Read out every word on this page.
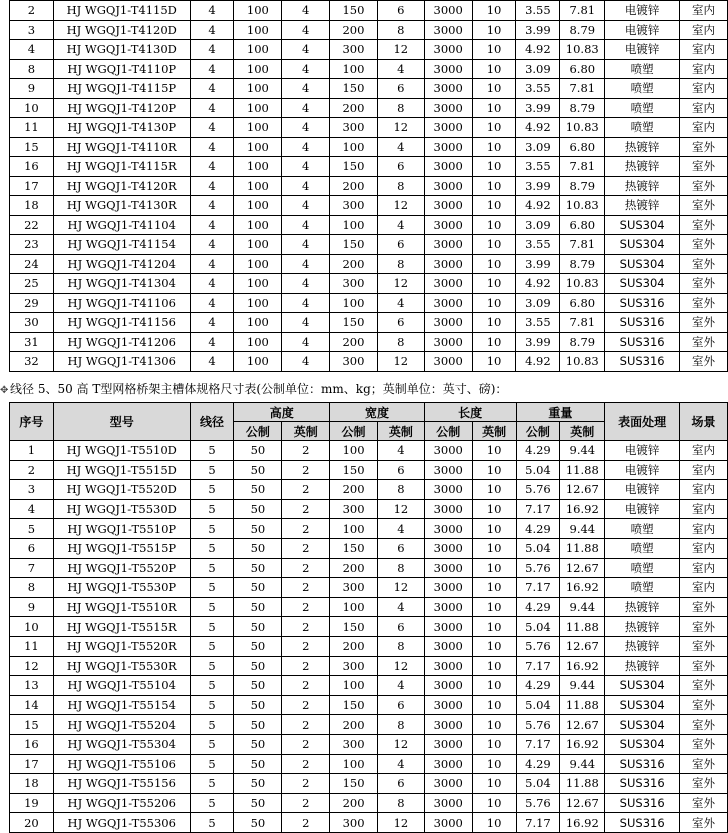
2	HJ WGQJ1-T4115D	4	100	4	150	6	3000	10	3.55	7.81	电镀锌	室内
3	HJ WGQJ1-T4120D	4	100	4	200	8	3000	10	3.99	8.79	电镀锌	室内
4	HJ WGQJ1-T4130D	4	100	4	300	12	3000	10	4.92	10.83	电镀锌	室内
8	HJ WGQJ1-T4110P	4	100	4	100	4	3000	10	3.09	6.80	喷塑	室内
9	HJ WGQJ1-T4115P	4	100	4	150	6	3000	10	3.55	7.81	喷塑	室内
10	HJ WGQJ1-T4120P	4	100	4	200	8	3000	10	3.99	8.79	喷塑	室内
11	HJ WGQJ1-T4130P	4	100	4	300	12	3000	10	4.92	10.83	喷塑	室内
15	HJ WGQJ1-T4110R	4	100	4	100	4	3000	10	3.09	6.80	热镀锌	室外
16	HJ WGQJ1-T4115R	4	100	4	150	6	3000	10	3.55	7.81	热镀锌	室外
17	HJ WGQJ1-T4120R	4	100	4	200	8	3000	10	3.99	8.79	热镀锌	室外
18	HJ WGQJ1-T4130R	4	100	4	300	12	3000	10	4.92	10.83	热镀锌	室外
22	HJ WGQJ1-T41104	4	100	4	100	4	3000	10	3.09	6.80	SUS304	室外
23	HJ WGQJ1-T41154	4	100	4	150	6	3000	10	3.55	7.81	SUS304	室外
24	HJ WGQJ1-T41204	4	100	4	200	8	3000	10	3.99	8.79	SUS304	室外
25	HJ WGQJ1-T41304	4	100	4	300	12	3000	10	4.92	10.83	SUS304	室外
29	HJ WGQJ1-T41106	4	100	4	100	4	3000	10	3.09	6.80	SUS316	室外
30	HJ WGQJ1-T41156	4	100	4	150	6	3000	10	3.55	7.81	SUS316	室外
31	HJ WGQJ1-T41206	4	100	4	200	8	3000	10	3.99	8.79	SUS316	室外
32	HJ WGQJ1-T41306	4	100	4	300	12	3000	10	4.92	10.83	SUS316	室外
✥ 线径 5、50 高 T型网格桥架主槽体规格尺寸表(公制单位：mm、kg；英制单位：英寸、磅)：
序号	型号	线径	高度		宽度		长度		重量		表面处理	场景
			公制	英制	公制	英制	公制	英制	公制	英制		
1	HJ WGQJ1-T5510D	5	50	2	100	4	3000	10	4.29	9.44	电镀锌	室内
2	HJ WGQJ1-T5515D	5	50	2	150	6	3000	10	5.04	11.88	电镀锌	室内
3	HJ WGQJ1-T5520D	5	50	2	200	8	3000	10	5.76	12.67	电镀锌	室内
4	HJ WGQJ1-T5530D	5	50	2	300	12	3000	10	7.17	16.92	电镀锌	室内
5	HJ WGQJ1-T5510P	5	50	2	100	4	3000	10	4.29	9.44	喷塑	室内
6	HJ WGQJ1-T5515P	5	50	2	150	6	3000	10	5.04	11.88	喷塑	室内
7	HJ WGQJ1-T5520P	5	50	2	200	8	3000	10	5.76	12.67	喷塑	室内
8	HJ WGQJ1-T5530P	5	50	2	300	12	3000	10	7.17	16.92	喷塑	室内
9	HJ WGQJ1-T5510R	5	50	2	100	4	3000	10	4.29	9.44	热镀锌	室外
10	HJ WGQJ1-T5515R	5	50	2	150	6	3000	10	5.04	11.88	热镀锌	室外
11	HJ WGQJ1-T5520R	5	50	2	200	8	3000	10	5.76	12.67	热镀锌	室外
12	HJ WGQJ1-T5530R	5	50	2	300	12	3000	10	7.17	16.92	热镀锌	室外
13	HJ WGQJ1-T55104	5	50	2	100	4	3000	10	4.29	9.44	SUS304	室外
14	HJ WGQJ1-T55154	5	50	2	150	6	3000	10	5.04	11.88	SUS304	室外
15	HJ WGQJ1-T55204	5	50	2	200	8	3000	10	5.76	12.67	SUS304	室外
16	HJ WGQJ1-T55304	5	50	2	300	12	3000	10	7.17	16.92	SUS304	室外
17	HJ WGQJ1-T55106	5	50	2	100	4	3000	10	4.29	9.44	SUS316	室外
18	HJ WGQJ1-T55156	5	50	2	150	6	3000	10	5.04	11.88	SUS316	室外
19	HJ WGQJ1-T55206	5	50	2	200	8	3000	10	5.76	12.67	SUS316	室外
20	HJ WGQJ1-T55306	5	50	2	300	12	3000	10	7.17	16.92	SUS316	室外
